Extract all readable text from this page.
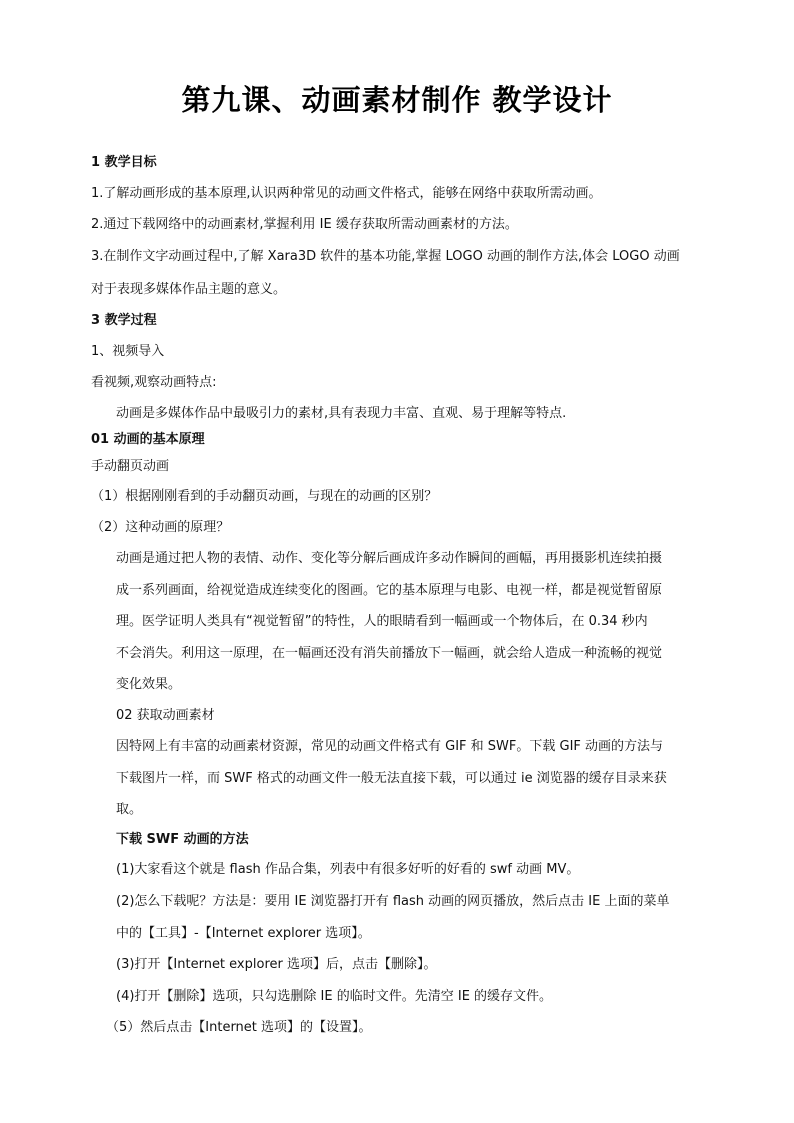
第九课、动画素材制作 教学设计
1 教学目标
1.了解动画形成的基本原理,认识两种常见的动画文件格式，能够在网络中获取所需动画。
2.通过下载网络中的动画素材,掌握利用 IE 缓存获取所需动画素材的方法。
3.在制作文字动画过程中,了解 Xara3D 软件的基本功能,掌握 LOGO 动画的制作方法,体会 LOGO 动画
对于表现多媒体作品主题的意义。
3 教学过程
1、视频导入
看视频,观察动画特点:
动画是多媒体作品中最吸引力的素材,具有表现力丰富、直观、易于理解等特点.
01 动画的基本原理
手动翻页动画
（1）根据刚刚看到的手动翻页动画，与现在的动画的区别？
（2）这种动画的原理？
动画是通过把人物的表情、动作、变化等分解后画成许多动作瞬间的画幅，再用摄影机连续拍摄
成一系列画面，给视觉造成连续变化的图画。它的基本原理与电影、电视一样，都是视觉暂留原
理。医学证明人类具有“视觉暂留”的特性，人的眼睛看到一幅画或一个物体后，在 0.34 秒内
不会消失。利用这一原理，在一幅画还没有消失前播放下一幅画，就会给人造成一种流畅的视觉
变化效果。
02 获取动画素材
因特网上有丰富的动画素材资源，常见的动画文件格式有 GIF 和 SWF。下载 GIF 动画的方法与
下载图片一样，而 SWF 格式的动画文件一般无法直接下载，可以通过 ie 浏览器的缓存目录来获
取。
下载 SWF 动画的方法
(1)大家看这个就是 flash 作品合集，列表中有很多好听的好看的 swf 动画 MV。
(2)怎么下载呢？方法是：要用 IE 浏览器打开有 flash 动画的网页播放，然后点击 IE 上面的菜单
中的【工具】-【Internet explorer 选项】。
(3)打开【Internet explorer 选项】后，点击【删除】。
(4)打开【删除】选项，只勾选删除 IE 的临时文件。先清空 IE 的缓存文件。
（5）然后点击【Internet 选项】的【设置】。
